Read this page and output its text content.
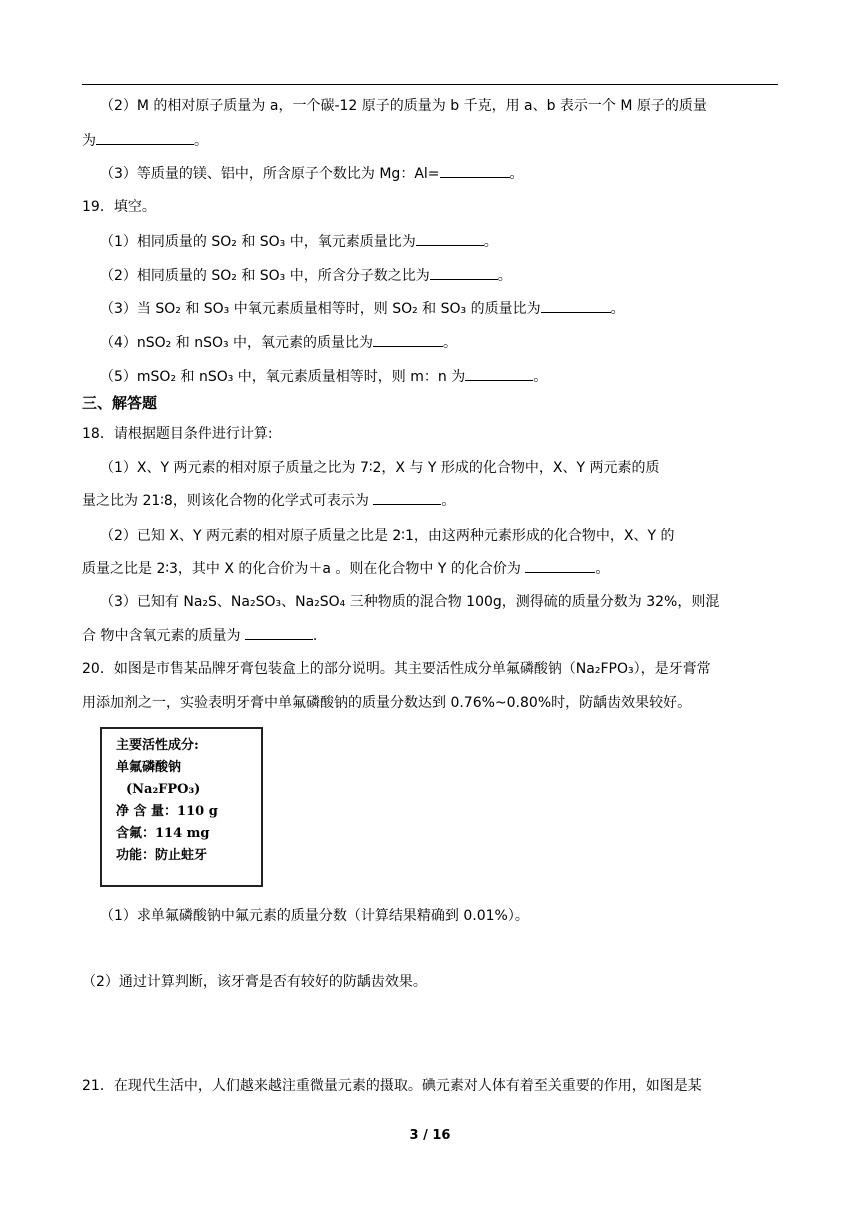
（2）M 的相对原子质量为 a，一个碳-12 原子的质量为 b 千克，用 a、b 表示一个 M 原子的质量
为	。
（3）等质量的镁、铝中，所含原子个数比为 Mg：Al=	。
19．填空。
（1）相同质量的 SO₂ 和 SO₃ 中，氧元素质量比为	。
（2）相同质量的 SO₂ 和 SO₃ 中，所含分子数之比为	。
（3）当 SO₂ 和 SO₃ 中氧元素质量相等时，则 SO₂ 和 SO₃ 的质量比为	。
（4）nSO₂ 和 nSO₃ 中，氧元素的质量比为	。
（5）mSO₂ 和 nSO₃ 中，氧元素质量相等时，则 m：n 为	。
三、解答题
18．请根据题目条件进行计算:
（1）X、Y 两元素的相对原子质量之比为 7∶2，X 与 Y 形成的化合物中，X、Y 两元素的质
量之比为 21∶8，则该化合物的化学式可表示为	。
（2）已知 X、Y 两元素的相对原子质量之比是 2∶1，由这两种元素形成的化合物中，X、Y 的
质量之比是 2∶3，其中 X 的化合价为＋a 。则在化合物中 Y 的化合价为	。
（3）已知有 Na₂S、Na₂SO₃、Na₂SO₄ 三种物质的混合物 100g，测得硫的质量分数为 32%，则混
合 物中含氧元素的质量为	.
20．如图是市售某品牌牙膏包装盒上的部分说明。其主要活性成分单氟磷酸钠（Na₂FPO₃），是牙膏常
用添加剂之一，实验表明牙膏中单氟磷酸钠的质量分数达到 0.76%~0.80%时，防龋齿效果较好。
主要活性成分:
单氟磷酸钠
(Na₂FPO₃)
净 含 量：110 g
含氟：114 mg
功能：防止蛀牙
（1）求单氟磷酸钠中氟元素的质量分数（计算结果精确到 0.01%）。
（2）通过计算判断，该牙膏是否有较好的防龋齿效果。
21．在现代生活中，人们越来越注重微量元素的摄取。碘元素对人体有着至关重要的作用，如图是某
3 / 16
